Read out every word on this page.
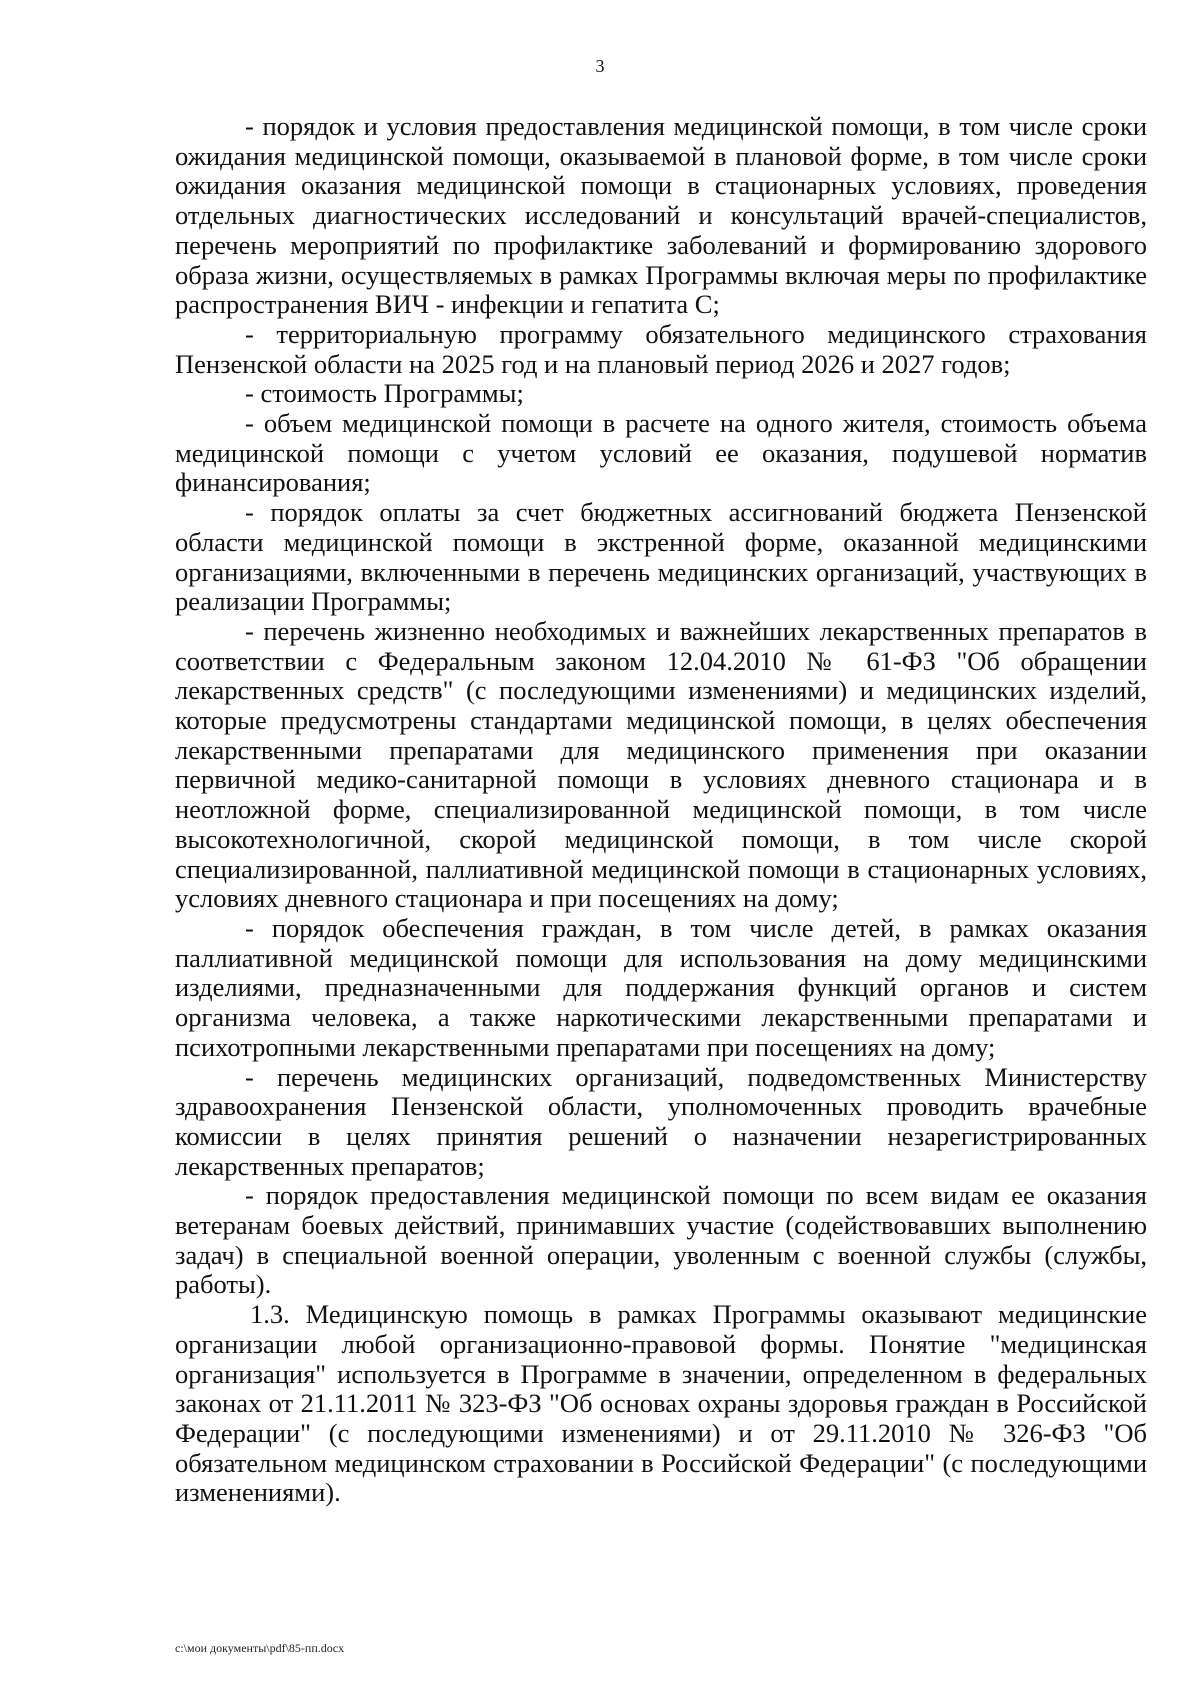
3

- порядок и условия предоставления медицинской помощи, в том числе сроки ожидания медицинской помощи, оказываемой в плановой форме, в том числе сроки ожидания оказания медицинской помощи в стационарных условиях, проведения отдельных диагностических исследований и консультаций врачей-специалистов, перечень мероприятий по профилактике заболеваний и формированию здорового образа жизни, осуществляемых в рамках Программы включая меры по профилактике распространения ВИЧ - инфекции и гепатита С;

- территориальную программу обязательного медицинского страхования Пензенской области на 2025 год и на плановый период 2026 и 2027 годов;

- стоимость Программы;

- объем медицинской помощи в расчете на одного жителя, стоимость объема медицинской помощи с учетом условий ее оказания, подушевой норматив финансирования;

- порядок оплаты за счет бюджетных ассигнований бюджета Пензенской области медицинской помощи в экстренной форме, оказанной медицинскими организациями, включенными в перечень медицинских организаций, участвующих в реализации Программы;

- перечень жизненно необходимых и важнейших лекарственных препаратов в соответствии с Федеральным законом 12.04.2010 № 61-ФЗ "Об обращении лекарственных средств" (с последующими изменениями) и медицинских изделий, которые предусмотрены стандартами медицинской помощи, в целях обеспечения лекарственными препаратами для медицинского применения при оказании первичной медико-санитарной помощи в условиях дневного стационара и в неотложной форме, специализированной медицинской помощи, в том числе высокотехнологичной, скорой медицинской помощи, в том числе скорой специализированной, паллиативной медицинской помощи в стационарных условиях, условиях дневного стационара и при посещениях на дому;

- порядок обеспечения граждан, в том числе детей, в рамках оказания паллиативной медицинской помощи для использования на дому медицинскими изделиями, предназначенными для поддержания функций органов и систем организма человека, а также наркотическими лекарственными препаратами и психотропными лекарственными препаратами при посещениях на дому;

- перечень медицинских организаций, подведомственных Министерству здравоохранения Пензенской области, уполномоченных проводить врачебные комиссии в целях принятия решений о назначении незарегистрированных лекарственных препаратов;

- порядок предоставления медицинской помощи по всем видам ее оказания ветеранам боевых действий, принимавших участие (содействовавших выполнению задач) в специальной военной операции, уволенным с военной службы (службы, работы).

1.3. Медицинскую помощь в рамках Программы оказывают медицинские организации любой организационно-правовой формы. Понятие "медицинская организация" используется в Программе в значении, определенном в федеральных законах от 21.11.2011 № 323-ФЗ "Об основах охраны здоровья граждан в Российской Федерации" (с последующими изменениями) и от 29.11.2010 № 326-ФЗ "Об обязательном медицинском страховании в Российской Федерации" (с последующими изменениями).

c:\мои документы\pdf\85-пп.docx
